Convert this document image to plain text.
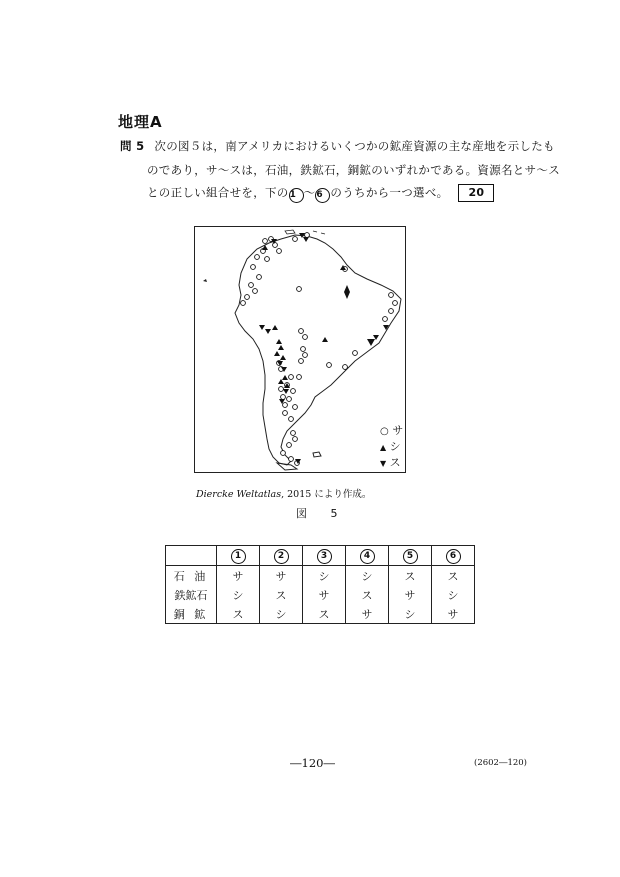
地理A
問 5 次の図５は，南アメリカにおけるいくつかの鉱産資源の主な産地を示したも
のであり，サ～スは，石油，鉄鉱石，銅鉱のいずれかである。資源名とサ～ス
との正しい組合せを，下の1 ～6 のうちから一つ選べ。 20
○ サ
▲ シ
▼ ス
Diercke Weltatlas, 2015 により作成。
図 5
	1	2	3	4	5	6
石 油	サ	サ	シ	シ	ス	ス
鉄鉱石	シ	ス	サ	ス	サ	シ
銅 鉱	ス	シ	ス	サ	シ	サ
―120―	(2602―120)
